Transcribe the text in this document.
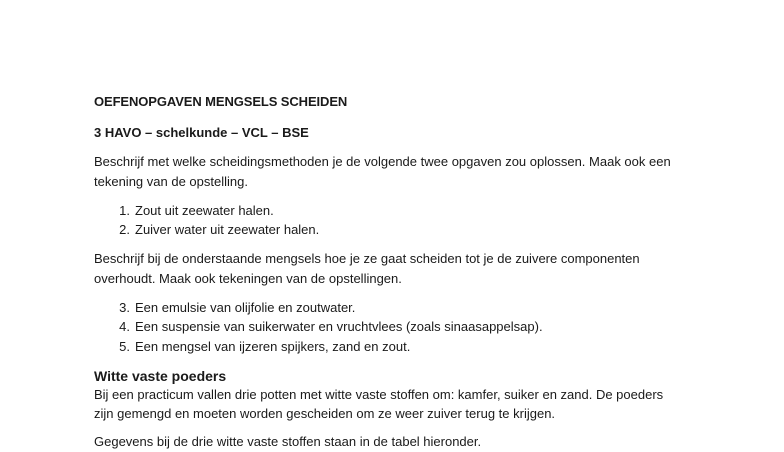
OEFENOPGAVEN MENGSELS SCHEIDEN
3 HAVO – schelkunde – VCL – BSE
Beschrijf met welke scheidingsmethoden je de volgende twee opgaven zou oplossen. Maak ook een
tekening van de opstelling.
1. Zout uit zeewater halen.
2. Zuiver water uit zeewater halen.
Beschrijf bij de onderstaande mengsels hoe je ze gaat scheiden tot je de zuivere componenten
overhoudt. Maak ook tekeningen van de opstellingen.
3. Een emulsie van olijfolie en zoutwater.
4. Een suspensie van suikerwater en vruchtvlees (zoals sinaasappelsap).
5. Een mengsel van ijzeren spijkers, zand en zout.
Witte vaste poeders
Bij een practicum vallen drie potten met witte vaste stoffen om: kamfer, suiker en zand. De poeders
zijn gemengd en moeten worden gescheiden om ze weer zuiver terug te krijgen.
Gegevens bij de drie witte vaste stoffen staan in de tabel hieronder.
